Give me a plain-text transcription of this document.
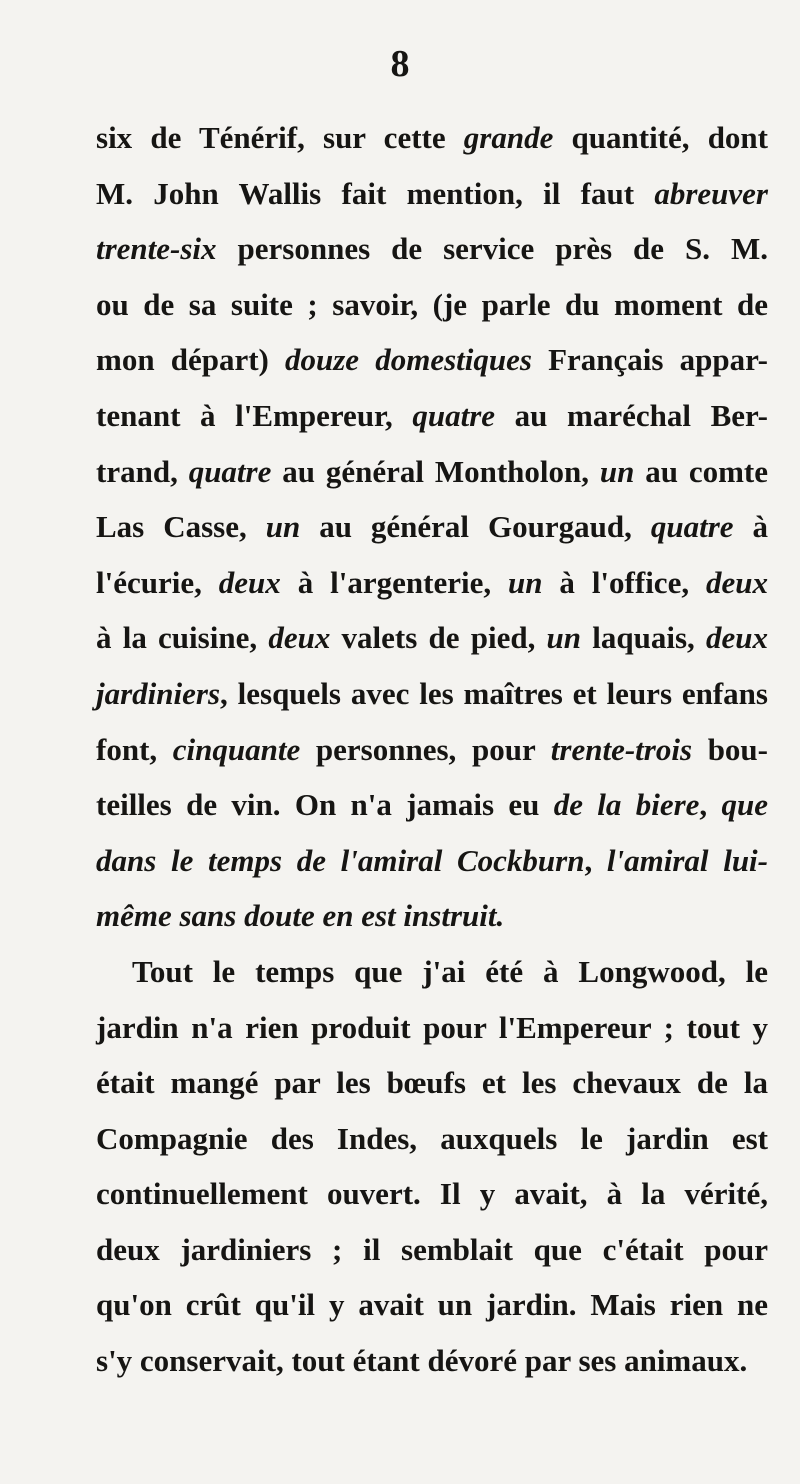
8
six de Ténérif, sur cette grande quantité, dont
M. John Wallis fait mention, il faut abreuver
trente-six personnes de service près de S. M.
ou de sa suite ; savoir, (je parle du moment de
mon départ) douze domestiques Français appar-
tenant à l'Empereur, quatre au maréchal Ber-
trand, quatre au général Montholon, un au comte
Las Casse, un au général Gourgaud, quatre à
l'écurie, deux à l'argenterie, un à l'office, deux
à la cuisine, deux valets de pied, un laquais, deux
jardiniers, lesquels avec les maîtres et leurs enfans
font, cinquante personnes, pour trente-trois bou-
teilles de vin. On n'a jamais eu de la biere, que
dans le temps de l'amiral Cockburn, l'amiral lui-
même sans doute en est instruit.
Tout le temps que j'ai été à Longwood, le
jardin n'a rien produit pour l'Empereur ; tout y
était mangé par les bœufs et les chevaux de la
Compagnie des Indes, auxquels le jardin est
continuellement ouvert. Il y avait, à la vérité,
deux jardiniers ; il semblait que c'était pour
qu'on crût qu'il y avait un jardin. Mais rien ne
s'y conservait, tout étant dévoré par ses animaux.
